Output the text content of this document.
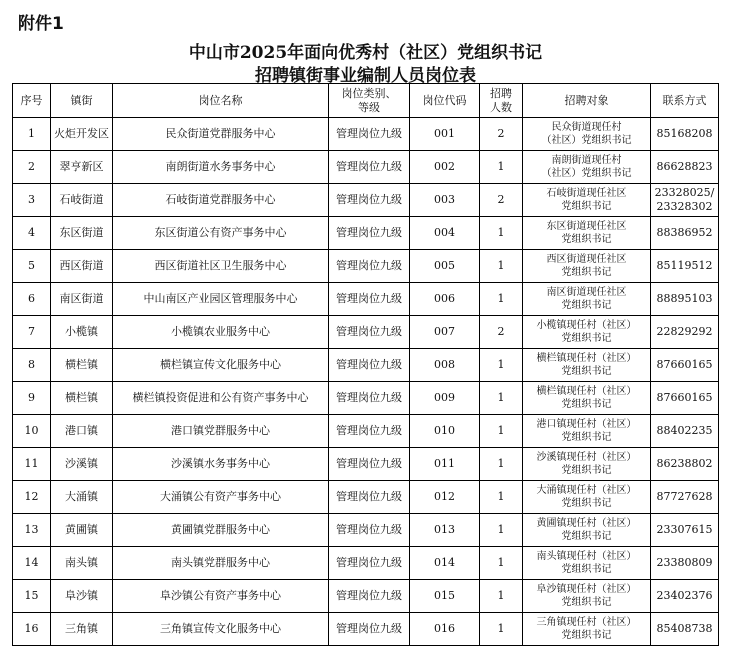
附件1
中山市2025年面向优秀村（社区）党组织书记
招聘镇街事业编制人员岗位表
序号	镇街	岗位名称	岗位类别、
等级	岗位代码	招聘
人数	招聘对象	联系方式
1	火炬开发区	民众街道党群服务中心	管理岗位九级	001	2	民众街道现任村
（社区）党组织书记	85168208
2	翠亨新区	南朗街道水务事务中心	管理岗位九级	002	1	南朗街道现任村
（社区）党组织书记	86628823
3	石岐街道	石岐街道党群服务中心	管理岗位九级	003	2	石岐街道现任社区
党组织书记	23328025/
23328302
4	东区街道	东区街道公有资产事务中心	管理岗位九级	004	1	东区街道现任社区
党组织书记	88386952
5	西区街道	西区街道社区卫生服务中心	管理岗位九级	005	1	西区街道现任社区
党组织书记	85119512
6	南区街道	中山南区产业园区管理服务中心	管理岗位九级	006	1	南区街道现任社区
党组织书记	88895103
7	小榄镇	小榄镇农业服务中心	管理岗位九级	007	2	小榄镇现任村（社区）
党组织书记	22829292
8	横栏镇	横栏镇宣传文化服务中心	管理岗位九级	008	1	横栏镇现任村（社区）
党组织书记	87660165
9	横栏镇	横栏镇投资促进和公有资产事务中心	管理岗位九级	009	1	横栏镇现任村（社区）
党组织书记	87660165
10	港口镇	港口镇党群服务中心	管理岗位九级	010	1	港口镇现任村（社区）
党组织书记	88402235
11	沙溪镇	沙溪镇水务事务中心	管理岗位九级	011	1	沙溪镇现任村（社区）
党组织书记	86238802
12	大涌镇	大涌镇公有资产事务中心	管理岗位九级	012	1	大涌镇现任村（社区）
党组织书记	87727628
13	黄圃镇	黄圃镇党群服务中心	管理岗位九级	013	1	黄圃镇现任村（社区）
党组织书记	23307615
14	南头镇	南头镇党群服务中心	管理岗位九级	014	1	南头镇现任村（社区）
党组织书记	23380809
15	阜沙镇	阜沙镇公有资产事务中心	管理岗位九级	015	1	阜沙镇现任村（社区）
党组织书记	23402376
16	三角镇	三角镇宣传文化服务中心	管理岗位九级	016	1	三角镇现任村（社区）
党组织书记	85408738
